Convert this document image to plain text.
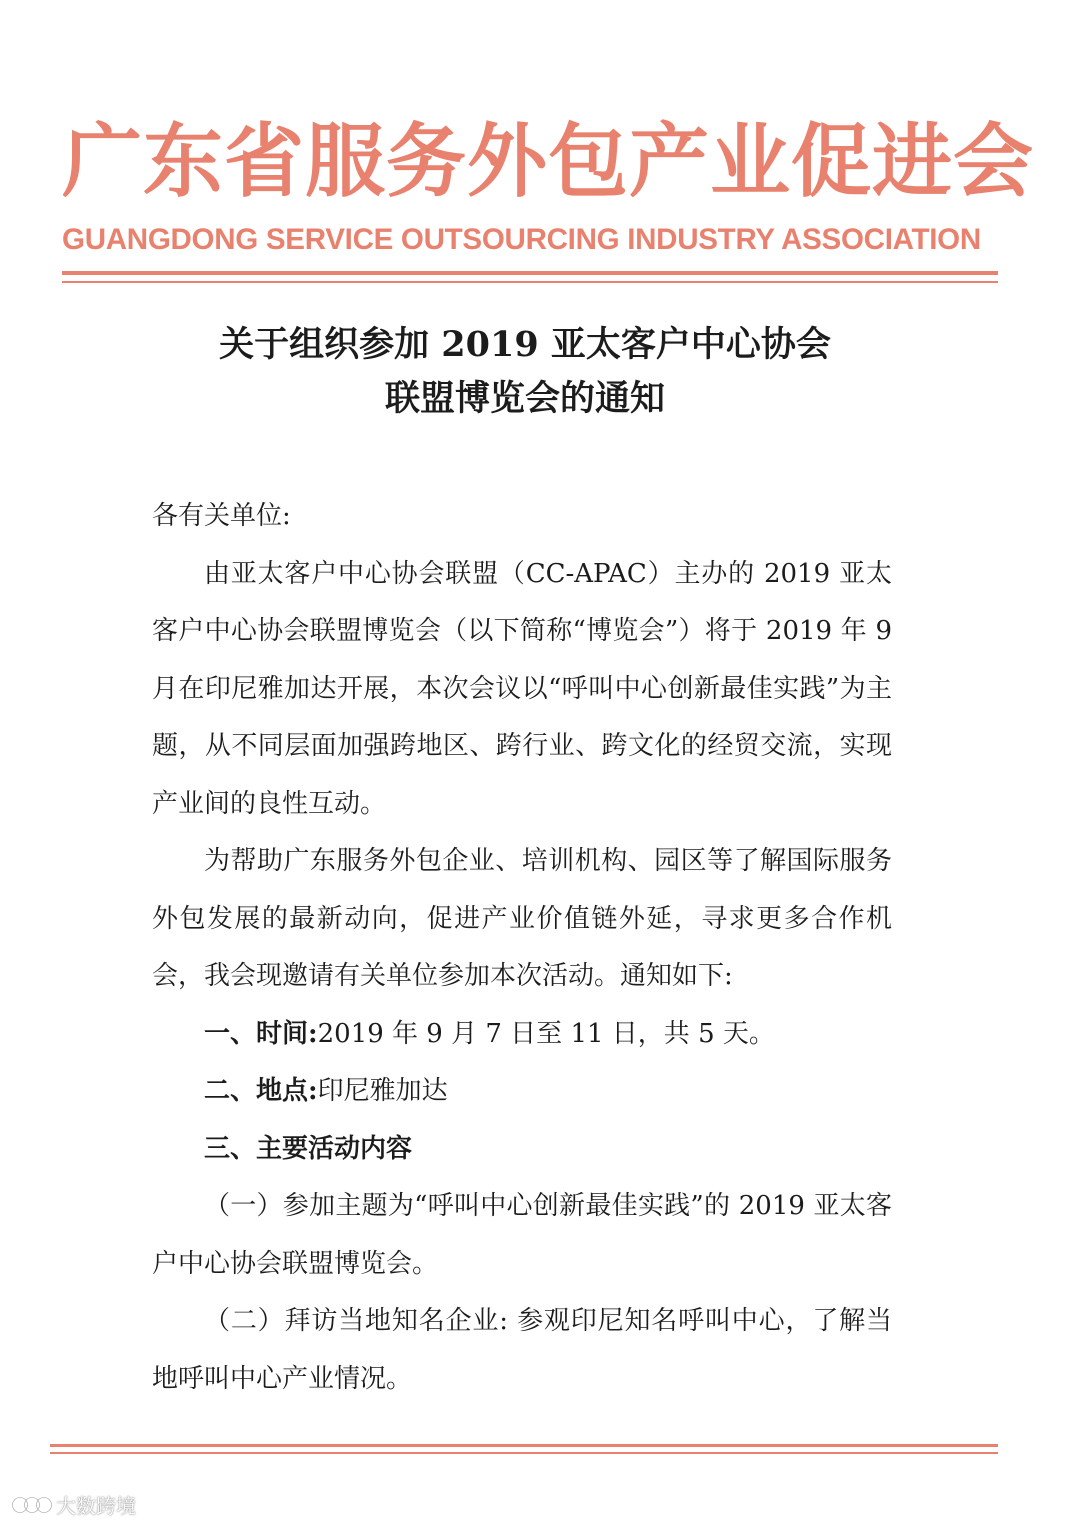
广东省服务外包产业促进会
GUANGDONG SERVICE OUTSOURCING INDUSTRY ASSOCIATION
关于组织参加 2019 亚太客户中心协会
联盟博览会的通知

各有关单位:

由亚太客户中心协会联盟（CC-APAC）主办的 2019 亚太客户中心协会联盟博览会（以下简称“博览会”）将于 2019 年 9 月在印尼雅加达开展，本次会议以“呼叫中心创新最佳实践”为主题，从不同层面加强跨地区、跨行业、跨文化的经贸交流，实现产业间的良性互动。

为帮助广东服务外包企业、培训机构、园区等了解国际服务外包发展的最新动向，促进产业价值链外延，寻求更多合作机会，我会现邀请有关单位参加本次活动。通知如下:

一、时间:2019 年 9 月 7 日至 11 日，共 5 天。

二、地点:印尼雅加达

三、主要活动内容

（一）参加主题为“呼叫中心创新最佳实践”的 2019 亚太客户中心协会联盟博览会。

（二）拜访当地知名企业: 参观印尼知名呼叫中心，了解当地呼叫中心产业情况。

大数跨境
